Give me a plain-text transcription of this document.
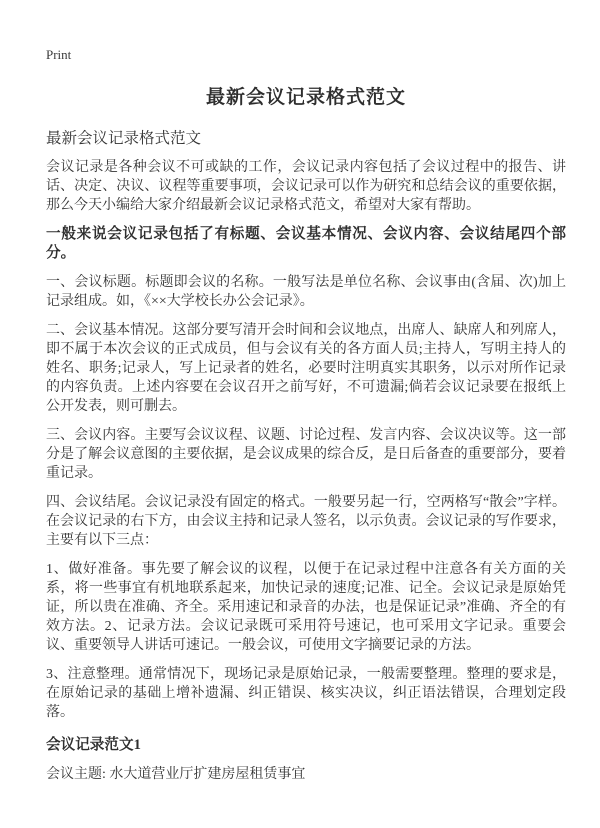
Print
最新会议记录格式范文
最新会议记录格式范文

会议记录是各种会议不可或缺的工作，会议记录内容包括了会议过程中的报告、讲话、决定、决议、议程等重要事项，会议记录可以作为研究和总结会议的重要依据，那么今天小编给大家介绍最新会议记录格式范文，希望对大家有帮助。

一般来说会议记录包括了有标题、会议基本情况、会议内容、会议结尾四个部分。

一、会议标题。标题即会议的名称。一般写法是单位名称、会议事由(含届、次)加上记录组成。如，《××大学校长办公会记录》。

二、会议基本情况。这部分要写清开会时间和会议地点，出席人、缺席人和列席人，即不属于本次会议的正式成员，但与会议有关的各方面人员;主持人，写明主持人的姓名、职务;记录人，写上记录者的姓名，必要时注明真实其职务，以示对所作记录的内容负责。上述内容要在会议召开之前写好，不可遗漏;倘若会议记录要在报纸上公开发表，则可删去。

三、会议内容。主要写会议议程、议题、讨论过程、发言内容、会议决议等。这一部分是了解会议意图的主要依据，是会议成果的综合反，是日后备查的重要部分，要着重记录。

四、会议结尾。会议记录没有固定的格式。一般要另起一行，空两格写“散会”字样。在会议记录的右下方，由会议主持和记录人签名，以示负责。会议记录的写作要求，主要有以下三点：

1、做好准备。事先要了解会议的议程，以便于在记录过程中注意各有关方面的关系，将一些事宜有机地联系起来，加快记录的速度;记准、记全。会议记录是原始凭证，所以贵在准确、齐全。采用速记和录音的办法，也是保证记录”准确、齐全的有效方法。2、记录方法。会议记录既可采用符号速记，也可采用文字记录。重要会议、重要领导人讲话可速记。一般会议，可使用文字摘要记录的方法。

3、注意整理。通常情况下，现场记录是原始记录，一般需要整理。整理的要求是，在原始记录的基础上增补遗漏、纠正错误、核实决议，纠正语法错误，合理划定段落。

会议记录范文1

会议主题: 水大道营业厅扩建房屋租赁事宜
